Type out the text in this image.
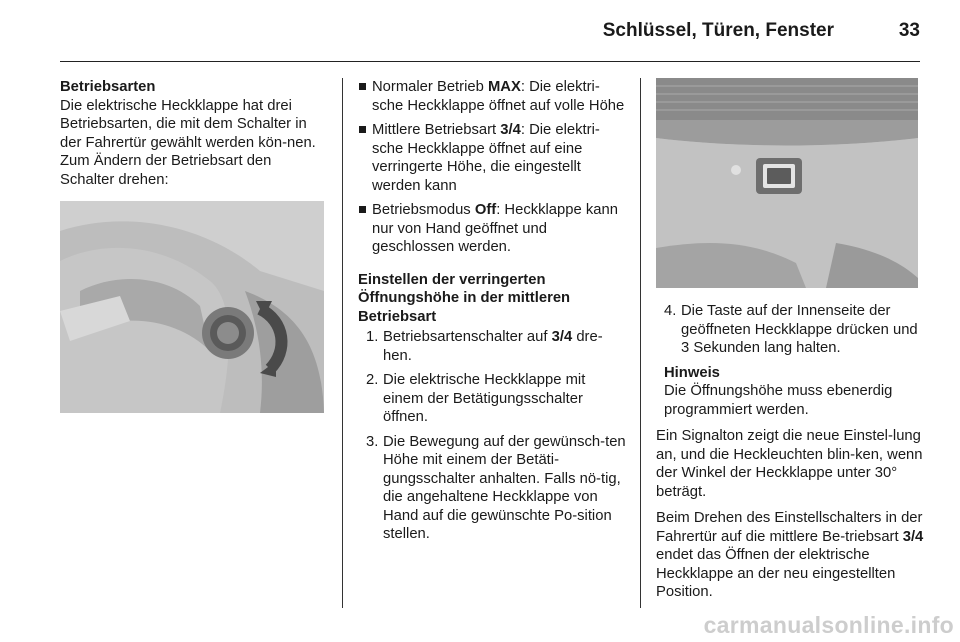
Schlüssel, Türen, Fenster	33
Betriebsarten
Die elektrische Heckklappe hat drei Betriebsarten, die mit dem Schalter in der Fahrertür gewählt werden kön-nen. Zum Ändern der Betriebsart den Schalter drehen:
Normaler Betrieb MAX: Die elektri-sche Heckklappe öffnet auf volle Höhe
Mittlere Betriebsart 3/4: Die elektri-sche Heckklappe öffnet auf eine verringerte Höhe, die eingestellt werden kann
Betriebsmodus Off: Heckklappe kann nur von Hand geöffnet und geschlossen werden.
Einstellen der verringerten Öffnungshöhe in der mittleren Betriebsart
1. Betriebsartenschalter auf 3/4 dre-hen.
2. Die elektrische Heckklappe mit einem der Betätigungsschalter öffnen.
3. Die Bewegung auf der gewünsch-ten Höhe mit einem der Betäti-gungsschalter anhalten. Falls nö-tig, die angehaltene Heckklappe von Hand auf die gewünschte Po-sition stellen.
4. Die Taste auf der Innenseite der geöffneten Heckklappe drücken und 3 Sekunden lang halten.
Hinweis
Die Öffnungshöhe muss ebenerdig programmiert werden.
Ein Signalton zeigt die neue Einstel-lung an, und die Heckleuchten blin-ken, wenn der Winkel der Heckklappe unter 30° beträgt.
Beim Drehen des Einstellschalters in der Fahrertür auf die mittlere Be-triebsart 3/4 endet das Öffnen der elektrische Heckklappe an der neu eingestellten Position.
carmanualsonline.info
